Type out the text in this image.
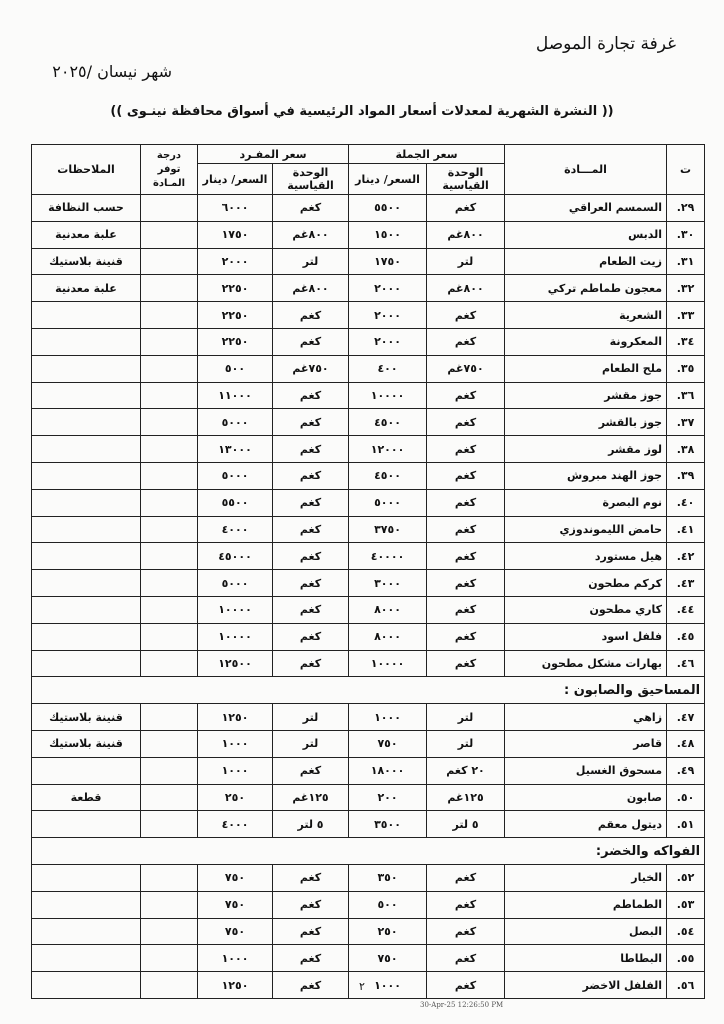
غرفة تجارة الموصل
شهر نيسان /٢٠٢٥
(( النشرة الشهرية لمعدلات أسعار المواد الرئيسية في أسواق محافظة نينـوى ))
ت	المـــادة	سعر الجملة		سعر المفـرد		درجة توفر المـادة	الملاحظات
		الوحدة القياسية	السعر/ دينار	الوحدة القياسية	السعر/ دينار		
.٢٩	السمسم العراقي	كغم	٥٥٠٠	كغم	٦٠٠٠		حسب النظافة
.٣٠	الدبس	٨٠٠غم	١٥٠٠	٨٠٠غم	١٧٥٠		علبة معدنية
.٣١	زيت الطعام	لتر	١٧٥٠	لتر	٢٠٠٠		قنينة بلاستيك
.٣٢	معجون طماطم تركي	٨٠٠غم	٢٠٠٠	٨٠٠غم	٢٢٥٠		علبة معدنية
.٣٣	الشعرية	كغم	٢٠٠٠	كغم	٢٢٥٠		
.٣٤	المعكرونة	كغم	٢٠٠٠	كغم	٢٢٥٠		
.٣٥	ملح الطعام	٧٥٠غم	٤٠٠	٧٥٠غم	٥٠٠		
.٣٦	جوز مقشر	كغم	١٠٠٠٠	كغم	١١٠٠٠		
.٣٧	جوز بالقشر	كغم	٤٥٠٠	كغم	٥٠٠٠		
.٣٨	لوز مقشر	كغم	١٢٠٠٠	كغم	١٣٠٠٠		
.٣٩	جوز الهند مبروش	كغم	٤٥٠٠	كغم	٥٠٠٠		
.٤٠	نوم البصرة	كغم	٥٠٠٠	كغم	٥٥٠٠		
.٤١	حامض الليموندوزي	كغم	٣٧٥٠	كغم	٤٠٠٠		
.٤٢	هيل مستورد	كغم	٤٠٠٠٠	كغم	٤٥٠٠٠		
.٤٣	كركم مطحون	كغم	٣٠٠٠	كغم	٥٠٠٠		
.٤٤	كاري مطحون	كغم	٨٠٠٠	كغم	١٠٠٠٠		
.٤٥	فلفل اسود	كغم	٨٠٠٠	كغم	١٠٠٠٠		
.٤٦	بهارات مشكل مطحون	كغم	١٠٠٠٠	كغم	١٢٥٠٠		
المساحيق والصابون :							
.٤٧	زاهي	لتر	١٠٠٠	لتر	١٢٥٠		قنينة بلاستيك
.٤٨	قاصر	لتر	٧٥٠	لتر	١٠٠٠		قنينة بلاستيك
.٤٩	مسحوق الغسيل	٢٠ كغم	١٨٠٠٠	كغم	١٠٠٠		
.٥٠	صابون	١٢٥غم	٢٠٠	١٢٥غم	٢٥٠		قطعة
.٥١	ديتول معقم	٥ لتر	٣٥٠٠	٥ لتر	٤٠٠٠		
الفواكه والخضر:							
.٥٢	الخيار	كغم	٣٥٠	كغم	٧٥٠		
.٥٣	الطماطم	كغم	٥٠٠	كغم	٧٥٠		
.٥٤	البصل	كغم	٢٥٠	كغم	٧٥٠		
.٥٥	البطاطا	كغم	٧٥٠	كغم	١٠٠٠		
.٥٦	الفلفل الاخضر	كغم	١٠٠٠	كغم	١٢٥٠			٢
30-Apr-25 12:26:50 PM
